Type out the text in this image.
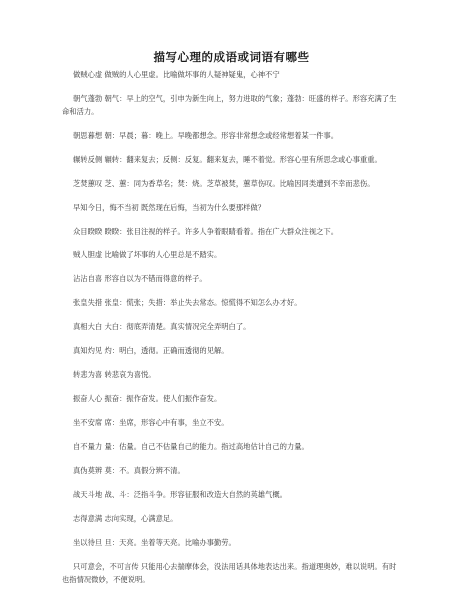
描写心理的成语或词语有哪些
做贼心虚 做贼的人心里虚。比喻做坏事的人疑神疑鬼，心神不宁
朝气蓬勃 朝气：早上的空气，引申为新生向上，努力进取的气象；蓬勃：旺盛的样子。形容充满了生命和活力。
朝思暮想 朝：早晨；暮：晚上。早晚都想念。形容非常想念或经常想着某一件事。
辗转反侧 辗转：翻来复去；反侧：反复。翻来复去，睡不着觉。形容心里有所思念或心事重重。
芝焚蕙叹 芝、蕙：同为香草名；焚：烧。芝草被焚，蕙草伤叹。比喻因同类遭到不幸而悲伤。
早知今日，悔不当初 既然现在后悔，当初为什么要那样做？
众目睽睽 睽睽：张目注视的样子。许多人争着眼睛看着。指在广大群众注视之下。
贼人胆虚 比喻做了坏事的人心里总是不踏实。
沾沾自喜 形容自以为不错而得意的样子。
张皇失措 张皇：慌张；失措：举止失去常态。惊慌得不知怎么办才好。
真相大白 大白：彻底弄清楚。真实情况完全弄明白了。
真知灼见 灼：明白，透彻。正确而透彻的见解。
转悲为喜 转悲哀为喜悦。
振奋人心 振奋：振作奋发。使人们振作奋发。
坐不安席 席：坐席，形容心中有事，坐立不安。
自不量力 量：估量。自己不估量自己的能力。指过高地估计自己的力量。
真伪莫辨 莫：不。真假分辨不清。
战天斗地 战、斗：泛指斗争。形容征服和改造大自然的英雄气概。
志得意满 志向实现，心满意足。
坐以待旦 旦：天亮。坐着等天亮。比喻办事勤劳。
只可意会，不可言传 只能用心去揣摩体会，没法用话具体地表达出来。指道理奥妙，难以说明。有时也指情况微妙，不便说明。
